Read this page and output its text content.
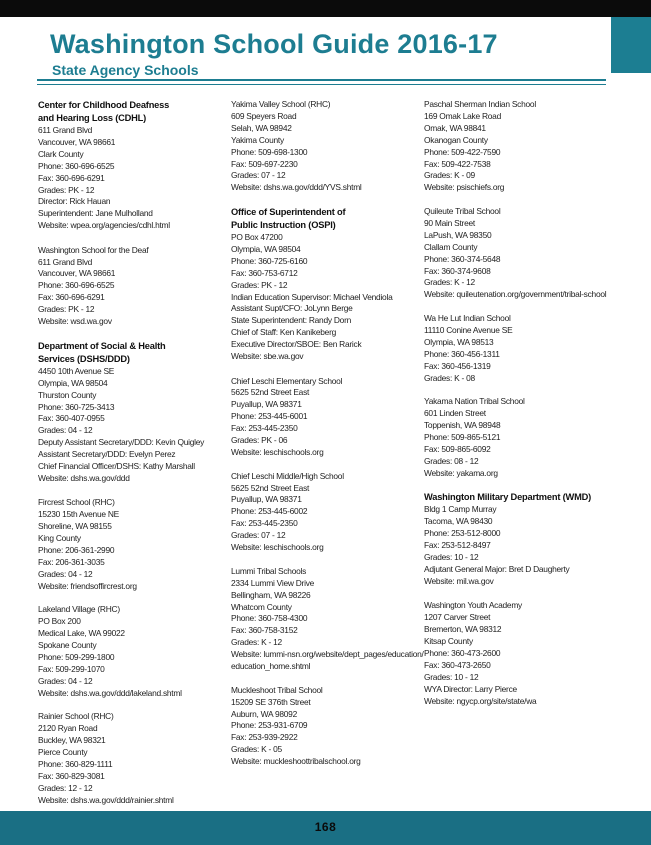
Washington School Guide 2016-17
State Agency Schools
Center for Childhood Deafness
and Hearing Loss (CDHL)
611 Grand Blvd
Vancouver, WA 98661
Clark County
Phone: 360-696-6525
Fax: 360-696-6291
Grades: PK - 12
Director: Rick Hauan
Superintendent: Jane Mulholland
Website: wpea.org/agencies/cdhl.html
Washington School for the Deaf
611 Grand Blvd
Vancouver, WA 98661
Phone: 360-696-6525
Fax: 360-696-6291
Grades: PK - 12
Website: wsd.wa.gov
Department of Social & Health
Services (DSHS/DDD)
4450 10th Avenue SE
Olympia, WA 98504
Thurston County
Phone: 360-725-3413
Fax: 360-407-0955
Grades: 04 - 12
Deputy Assistant Secretary/DDD: Kevin Quigley
Assistant Secretary/DDD: Evelyn Perez
Chief Financial Officer/DSHS: Kathy Marshall
Website: dshs.wa.gov/ddd
Fircrest School (RHC)
15230 15th Avenue NE
Shoreline, WA 98155
King County
Phone: 206-361-2990
Fax: 206-361-3035
Grades: 04 - 12
Website: friendsoffircrest.org
Lakeland Village (RHC)
PO Box 200
Medical Lake, WA 99022
Spokane County
Phone: 509-299-1800
Fax: 509-299-1070
Grades: 04 - 12
Website: dshs.wa.gov/ddd/lakeland.shtml
Rainier School (RHC)
2120 Ryan Road
Buckley, WA 98321
Pierce County
Phone: 360-829-1111
Fax: 360-829-3081
Grades: 12 - 12
Website: dshs.wa.gov/ddd/rainier.shtml
Yakima Valley School (RHC)
609 Speyers Road
Selah, WA 98942
Yakima County
Phone: 509-698-1300
Fax: 509-697-2230
Grades: 07 - 12
Website: dshs.wa.gov/ddd/YVS.shtml
Office of Superintendent of
Public Instruction (OSPI)
PO Box 47200
Olympia, WA 98504
Phone: 360-725-6160
Fax: 360-753-6712
Grades: PK - 12
Indian Education Supervisor: Michael Vendiola
Assistant Supt/CFO: JoLynn Berge
State Superintendent: Randy Dorn
Chief of Staff: Ken Kanikeberg
Executive Director/SBOE: Ben Rarick
Website: sbe.wa.gov
Chief Leschi Elementary School
5625 52nd Street East
Puyallup, WA 98371
Phone: 253-445-6001
Fax: 253-445-2350
Grades: PK - 06
Website: leschischools.org
Chief Leschi Middle/High School
5625 52nd Street East
Puyallup, WA 98371
Phone: 253-445-6002
Fax: 253-445-2350
Grades: 07 - 12
Website: leschischools.org
Lummi Tribal Schools
2334 Lummi View Drive
Bellingham, WA 98226
Whatcom County
Phone: 360-758-4300
Fax: 360-758-3152
Grades: K - 12
Website: lummi-nsn.org/website/dept_pages/education/
education_home.shtml
Muckleshoot Tribal School
15209 SE 376th Street
Auburn, WA 98092
Phone: 253-931-6709
Fax: 253-939-2922
Grades: K - 05
Website: muckleshoottribalschool.org
Paschal Sherman Indian School
169 Omak Lake Road
Omak, WA 98841
Okanogan County
Phone: 509-422-7590
Fax: 509-422-7538
Grades: K - 09
Website: psischiefs.org
Quileute Tribal School
90 Main Street
LaPush, WA 98350
Clallam County
Phone: 360-374-5648
Fax: 360-374-9608
Grades: K - 12
Website: quileutenation.org/government/tribal-school
Wa He Lut Indian School
11110 Conine Avenue SE
Olympia, WA 98513
Phone: 360-456-1311
Fax: 360-456-1319
Grades: K - 08
Yakama Nation Tribal School
601 Linden Street
Toppenish, WA 98948
Phone: 509-865-5121
Fax: 509-865-6092
Grades: 08 - 12
Website: yakama.org
Washington Military Department (WMD)
Bldg 1 Camp Murray
Tacoma, WA 98430
Phone: 253-512-8000
Fax: 253-512-8497
Grades: 10 - 12
Adjutant General Major: Bret D Daugherty
Website: mil.wa.gov
Washington Youth Academy
1207 Carver Street
Bremerton, WA 98312
Kitsap County
Phone: 360-473-2600
Fax: 360-473-2650
Grades: 10 - 12
WYA Director: Larry Pierce
Website: ngycp.org/site/state/wa
168
